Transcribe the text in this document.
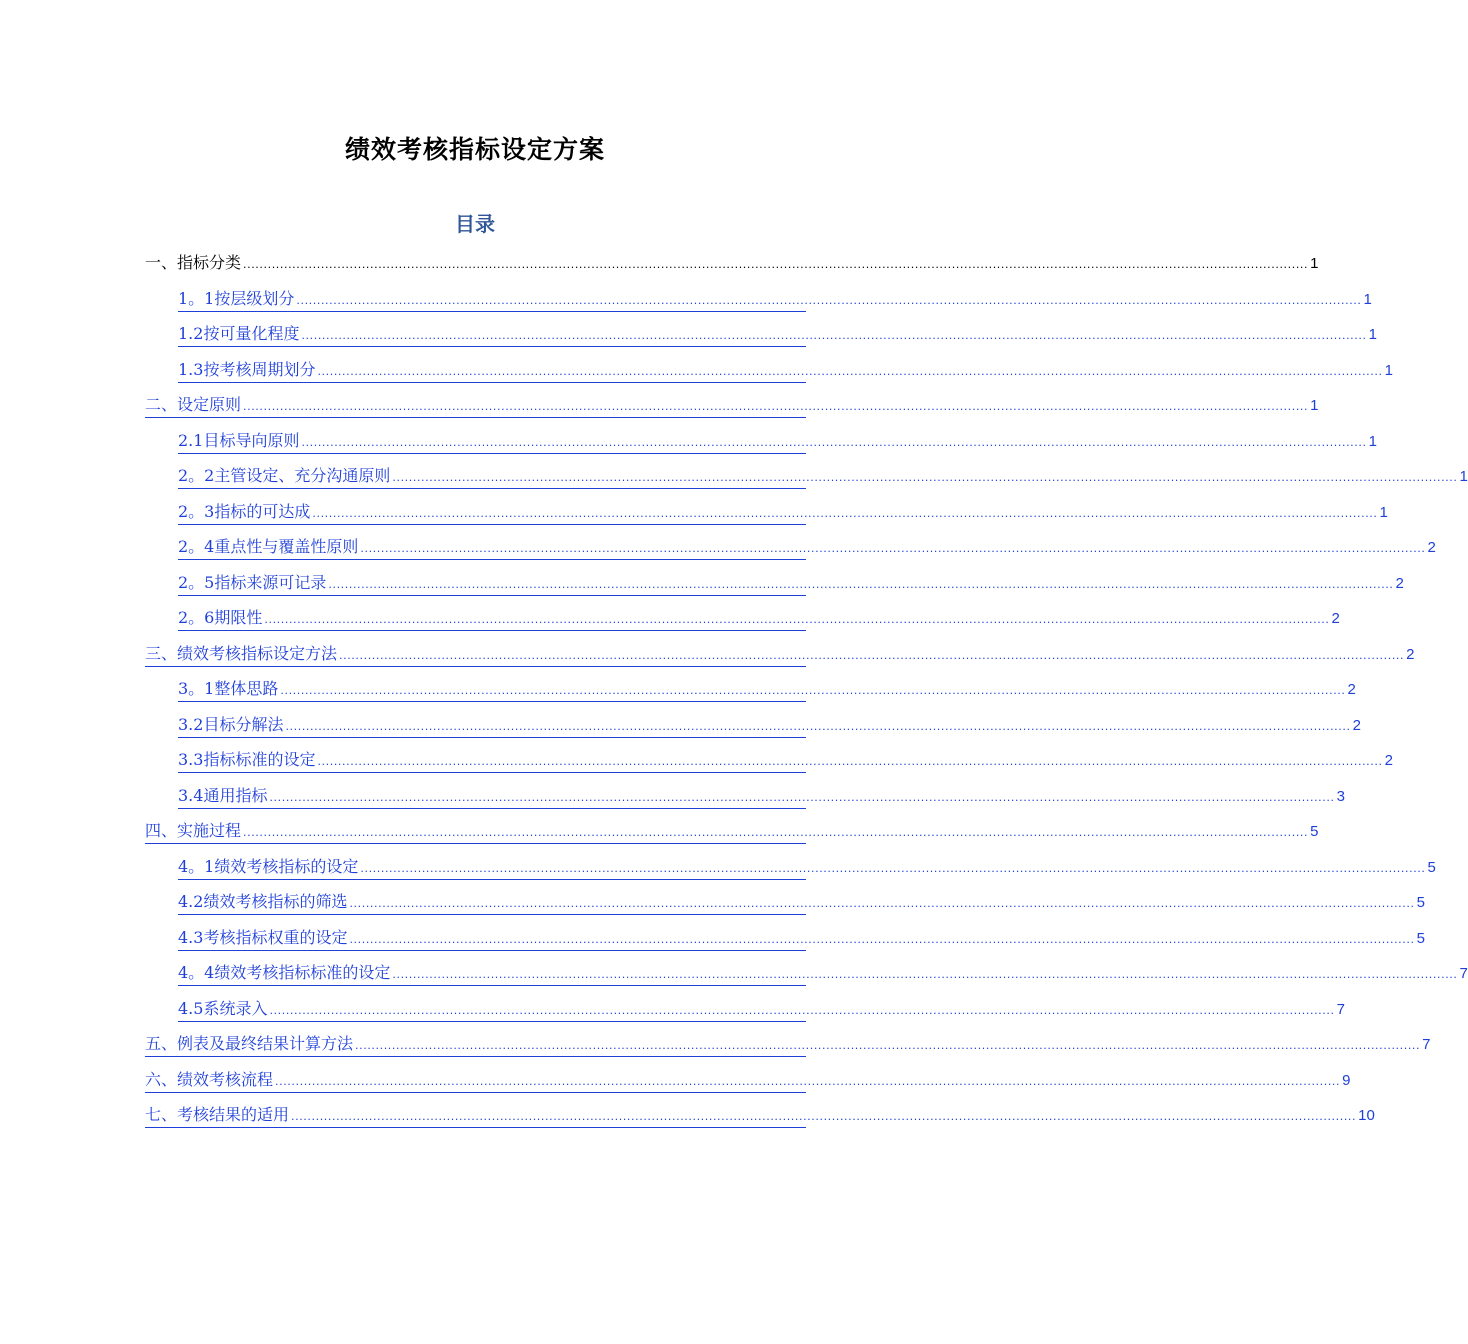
绩效考核指标设定方案
目录
一、指标分类 .................................................................................................................................................................................................................................................................... 1
1。1按层级划分 .................................................................................................................................................................................................................................................................... 1
1.2按可量化程度 .................................................................................................................................................................................................................................................................... 1
1.3按考核周期划分 .................................................................................................................................................................................................................................................................... 1
二、设定原则 .................................................................................................................................................................................................................................................................... 1
2.1目标导向原则 .................................................................................................................................................................................................................................................................... 1
2。2主管设定、充分沟通原则 .................................................................................................................................................................................................................................................................... 1
2。3指标的可达成 .................................................................................................................................................................................................................................................................... 1
2。4重点性与覆盖性原则 .................................................................................................................................................................................................................................................................... 2
2。5指标来源可记录 .................................................................................................................................................................................................................................................................... 2
2。6期限性 .................................................................................................................................................................................................................................................................... 2
三、绩效考核指标设定方法 .................................................................................................................................................................................................................................................................... 2
3。1整体思路 .................................................................................................................................................................................................................................................................... 2
3.2目标分解法 .................................................................................................................................................................................................................................................................... 2
3.3指标标准的设定 .................................................................................................................................................................................................................................................................... 2
3.4通用指标 .................................................................................................................................................................................................................................................................... 3
四、实施过程 .................................................................................................................................................................................................................................................................... 5
4。1绩效考核指标的设定 .................................................................................................................................................................................................................................................................... 5
4.2绩效考核指标的筛选 .................................................................................................................................................................................................................................................................... 5
4.3考核指标权重的设定 .................................................................................................................................................................................................................................................................... 5
4。4绩效考核指标标准的设定 .................................................................................................................................................................................................................................................................... 7
4.5系统录入 .................................................................................................................................................................................................................................................................... 7
五、例表及最终结果计算方法 .................................................................................................................................................................................................................................................................... 7
六、绩效考核流程 .................................................................................................................................................................................................................................................................... 9
七、考核结果的适用 .................................................................................................................................................................................................................................................................... 10
